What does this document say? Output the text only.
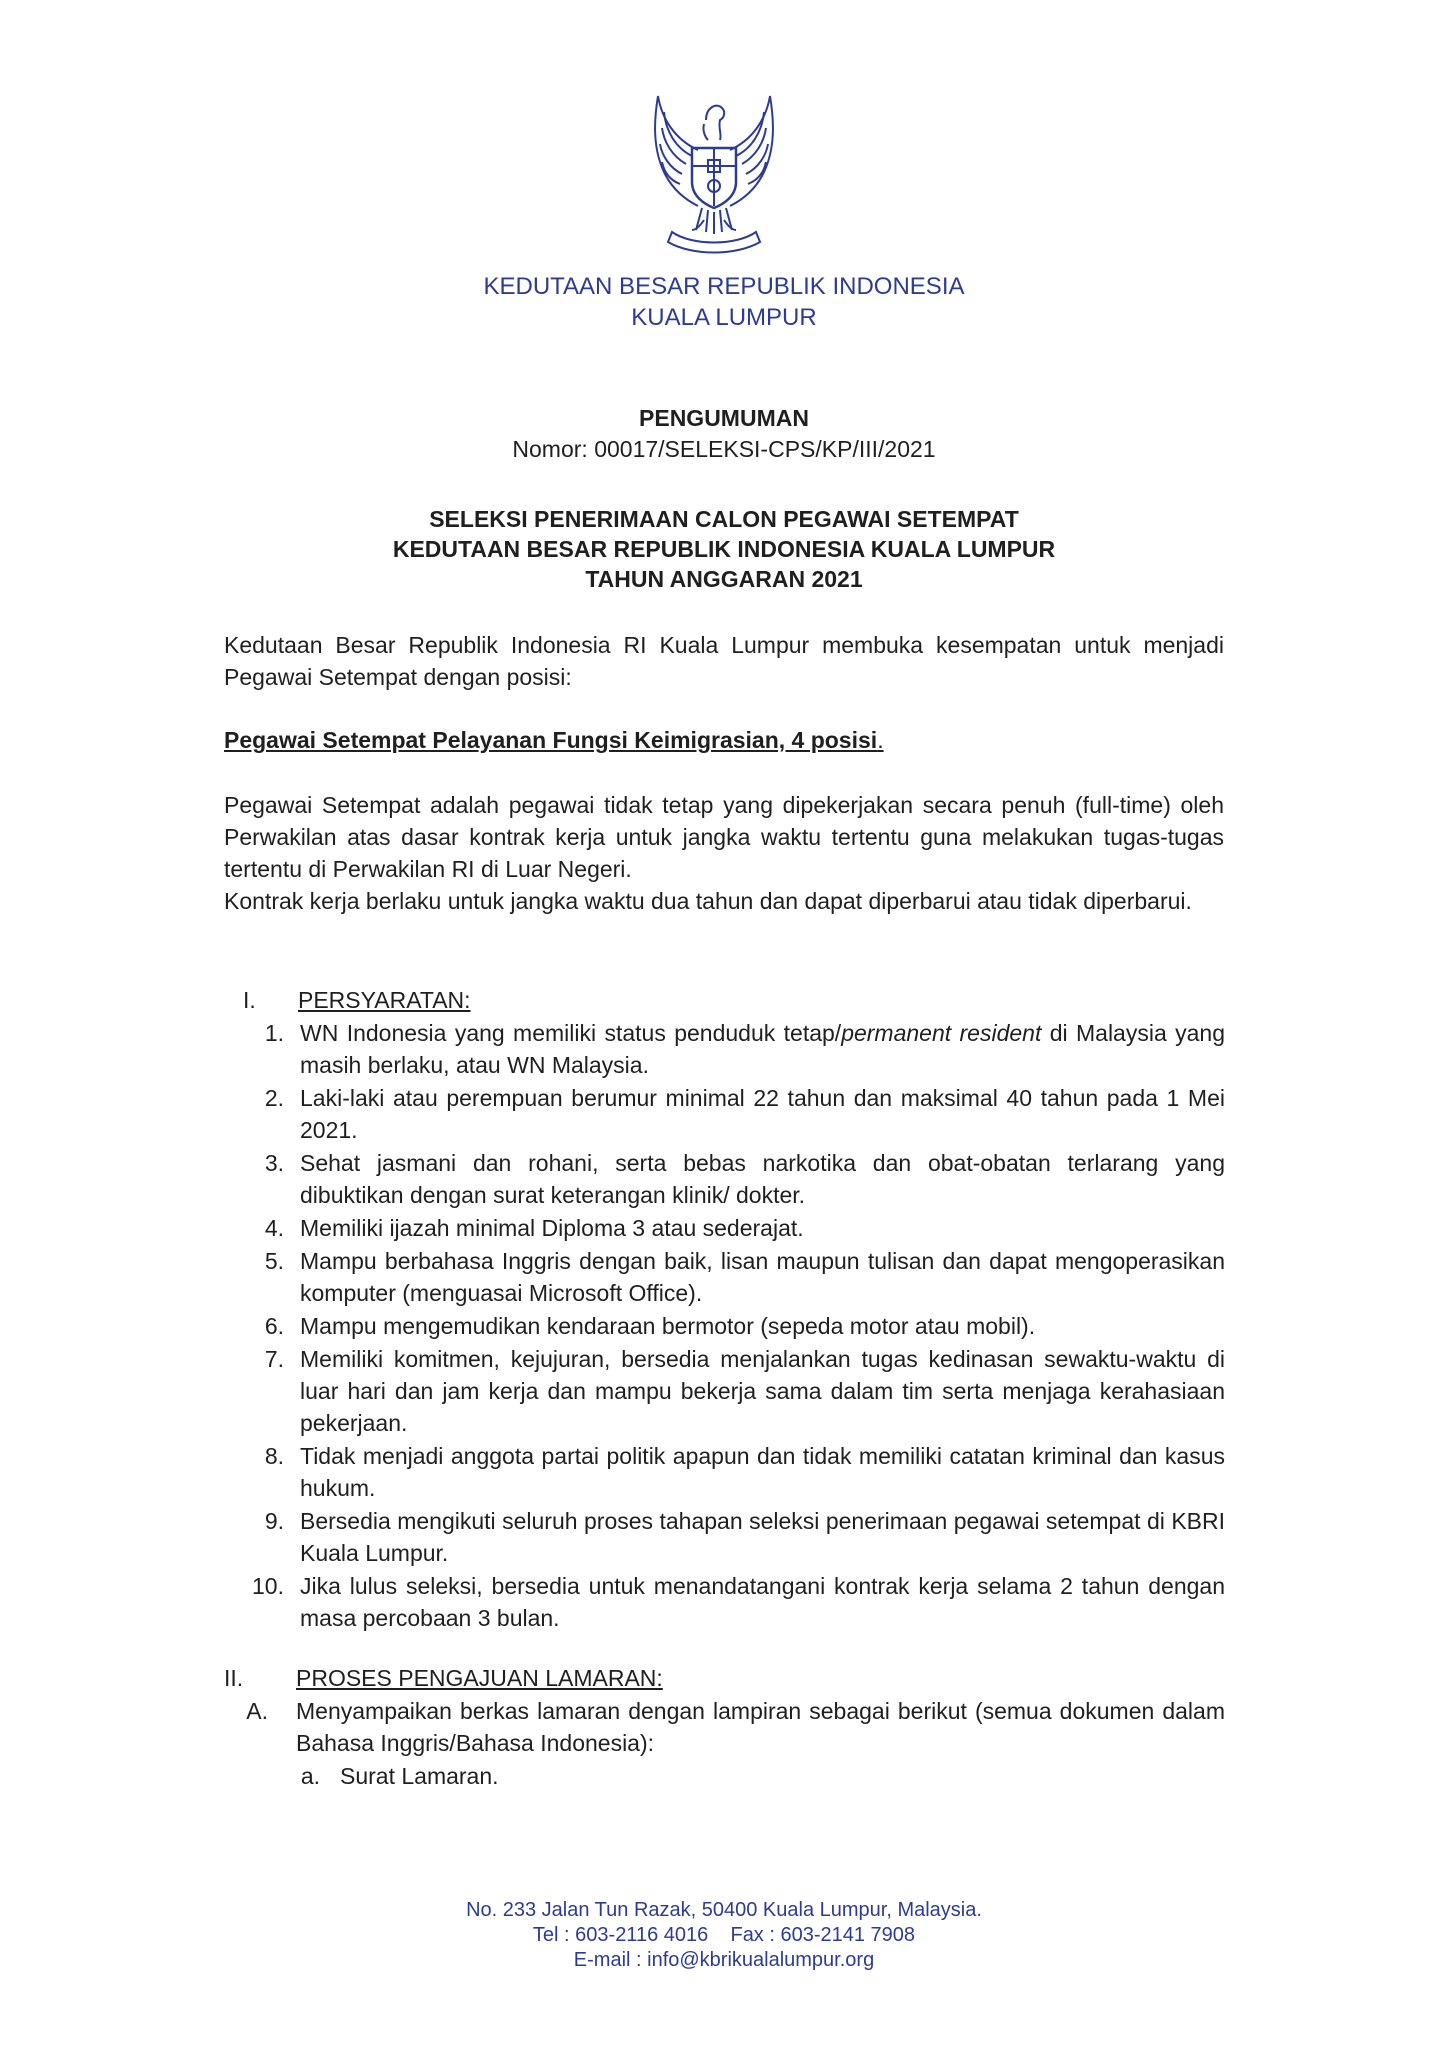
KEDUTAAN BESAR REPUBLIK INDONESIA
KUALA LUMPUR
PENGUMUMAN
Nomor: 00017/SELEKSI-CPS/KP/III/2021
SELEKSI PENERIMAAN CALON PEGAWAI SETEMPAT
KEDUTAAN BESAR REPUBLIK INDONESIA KUALA LUMPUR
TAHUN ANGGARAN 2021
Kedutaan Besar Republik Indonesia RI Kuala Lumpur membuka kesempatan untuk menjadi Pegawai Setempat dengan posisi:
Pegawai Setempat Pelayanan Fungsi Keimigrasian, 4 posisi.
Pegawai Setempat adalah pegawai tidak tetap yang dipekerjakan secara penuh (full-time) oleh Perwakilan atas dasar kontrak kerja untuk jangka waktu tertentu guna melakukan tugas-tugas tertentu di Perwakilan RI di Luar Negeri.
Kontrak kerja berlaku untuk jangka waktu dua tahun dan dapat diperbarui atau tidak diperbarui.
I. PERSYARATAN:
1. WN Indonesia yang memiliki status penduduk tetap/permanent resident di Malaysia yang masih berlaku, atau WN Malaysia.
2. Laki-laki atau perempuan berumur minimal 22 tahun dan maksimal 40 tahun pada 1 Mei 2021.
3. Sehat jasmani dan rohani, serta bebas narkotika dan obat-obatan terlarang yang dibuktikan dengan surat keterangan klinik/ dokter.
4. Memiliki ijazah minimal Diploma 3 atau sederajat.
5. Mampu berbahasa Inggris dengan baik, lisan maupun tulisan dan dapat mengoperasikan komputer (menguasai Microsoft Office).
6. Mampu mengemudikan kendaraan bermotor (sepeda motor atau mobil).
7. Memiliki komitmen, kejujuran, bersedia menjalankan tugas kedinasan sewaktu-waktu di luar hari dan jam kerja dan mampu bekerja sama dalam tim serta menjaga kerahasiaan pekerjaan.
8. Tidak menjadi anggota partai politik apapun dan tidak memiliki catatan kriminal dan kasus hukum.
9. Bersedia mengikuti seluruh proses tahapan seleksi penerimaan pegawai setempat di KBRI Kuala Lumpur.
10. Jika lulus seleksi, bersedia untuk menandatangani kontrak kerja selama 2 tahun dengan masa percobaan 3 bulan.
II. PROSES PENGAJUAN LAMARAN:
A. Menyampaikan berkas lamaran dengan lampiran sebagai berikut (semua dokumen dalam Bahasa Inggris/Bahasa Indonesia):
a. Surat Lamaran.
No. 233 Jalan Tun Razak, 50400 Kuala Lumpur, Malaysia.
Tel : 603-2116 4016    Fax : 603-2141 7908
E-mail : info@kbrikualalumpur.org
